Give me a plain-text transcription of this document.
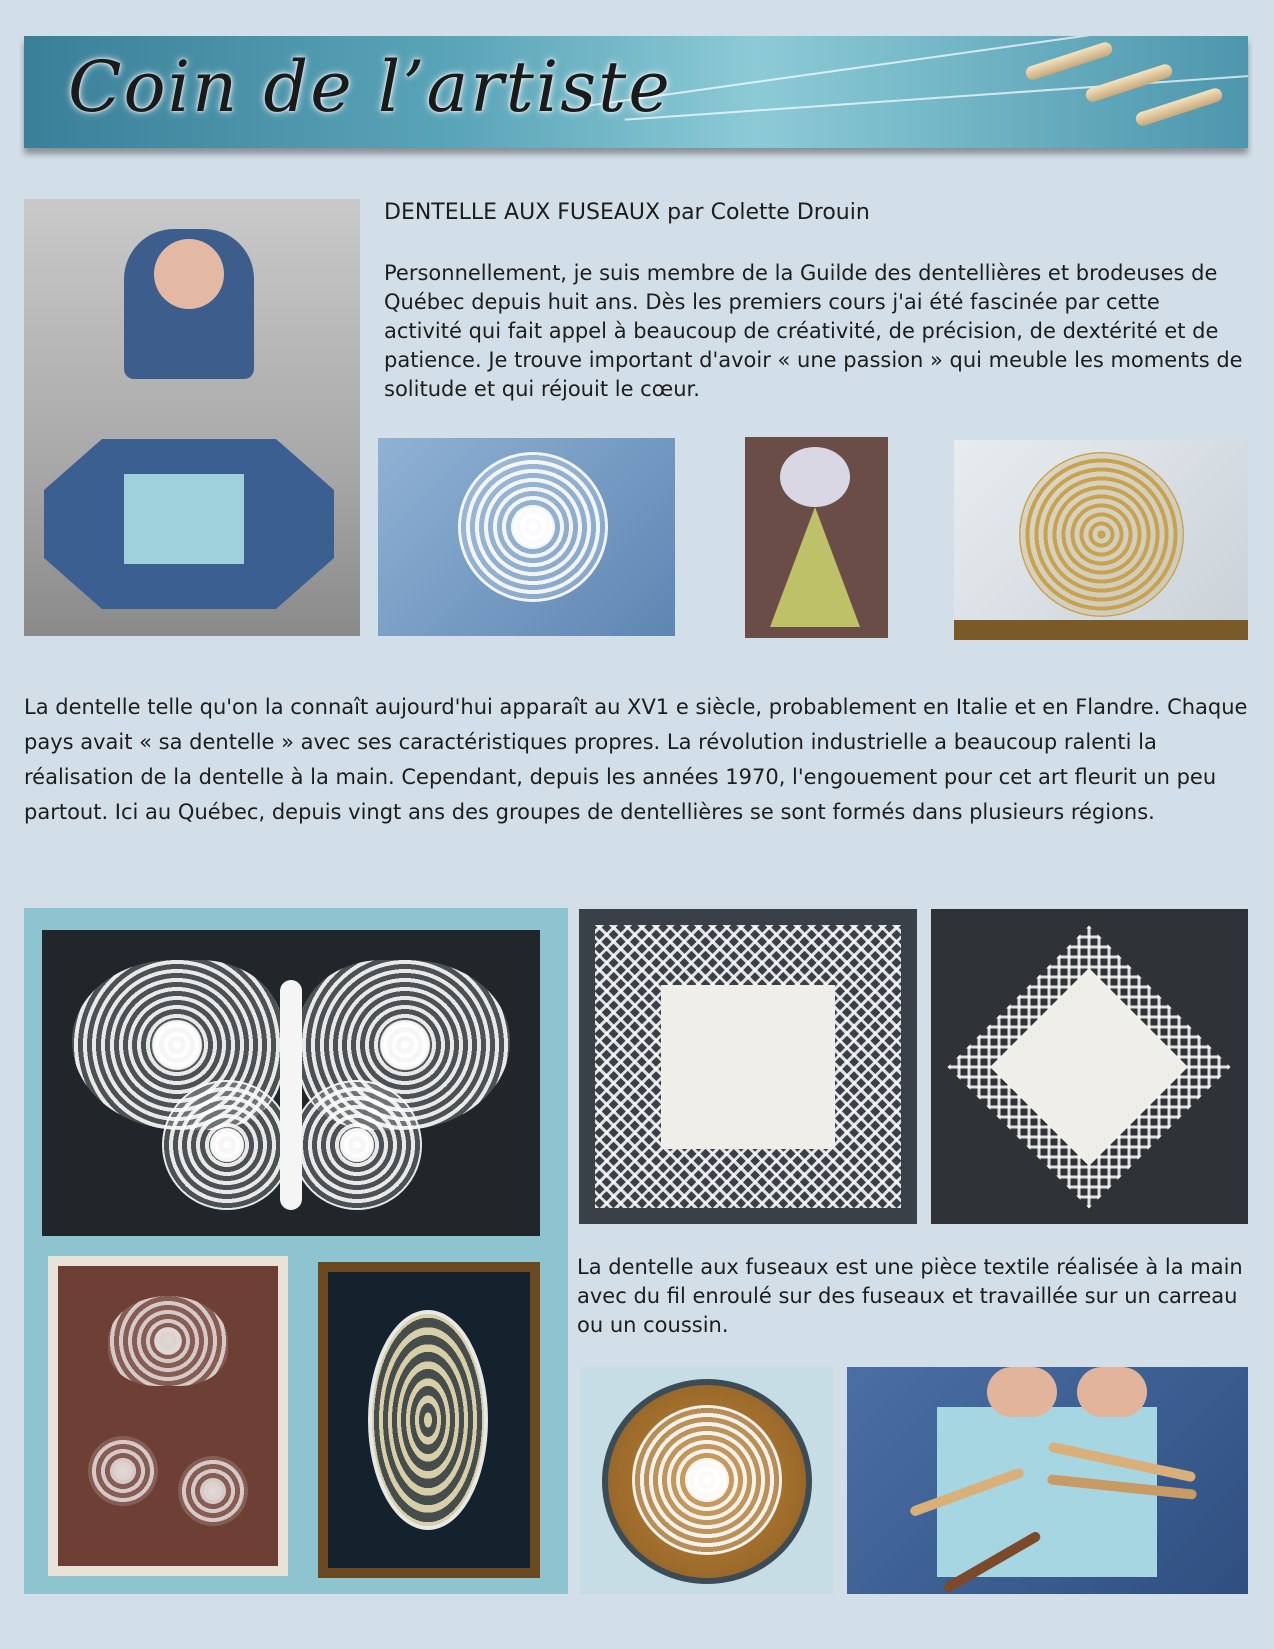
Coin de l’artiste

DENTELLE AUX FUSEAUX par Colette Drouin

Personnellement, je suis membre de la Guilde des dentellières et brodeuses de Québec depuis huit ans. Dès les premiers cours j'ai été fascinée par cette activité qui fait appel à beaucoup de créativité, de précision, de dextérité et de patience. Je trouve important d'avoir « une passion » qui meuble les moments de solitude et qui réjouit le cœur.

La dentelle telle qu'on la connaît aujourd'hui apparaît au XV1 e siècle, probablement en Italie et en Flandre. Chaque pays avait « sa dentelle » avec ses caractéristiques propres. La révolution industrielle a beaucoup ralenti la réalisation de la dentelle à la main. Cependant, depuis les années 1970, l'engouement pour cet art fleurit un peu partout. Ici au Québec, depuis vingt ans des groupes de dentellières se sont formés dans plusieurs régions.

La dentelle aux fuseaux est une pièce textile réalisée à la main avec du fil enroulé sur des fuseaux et travaillée sur un carreau ou un coussin.
